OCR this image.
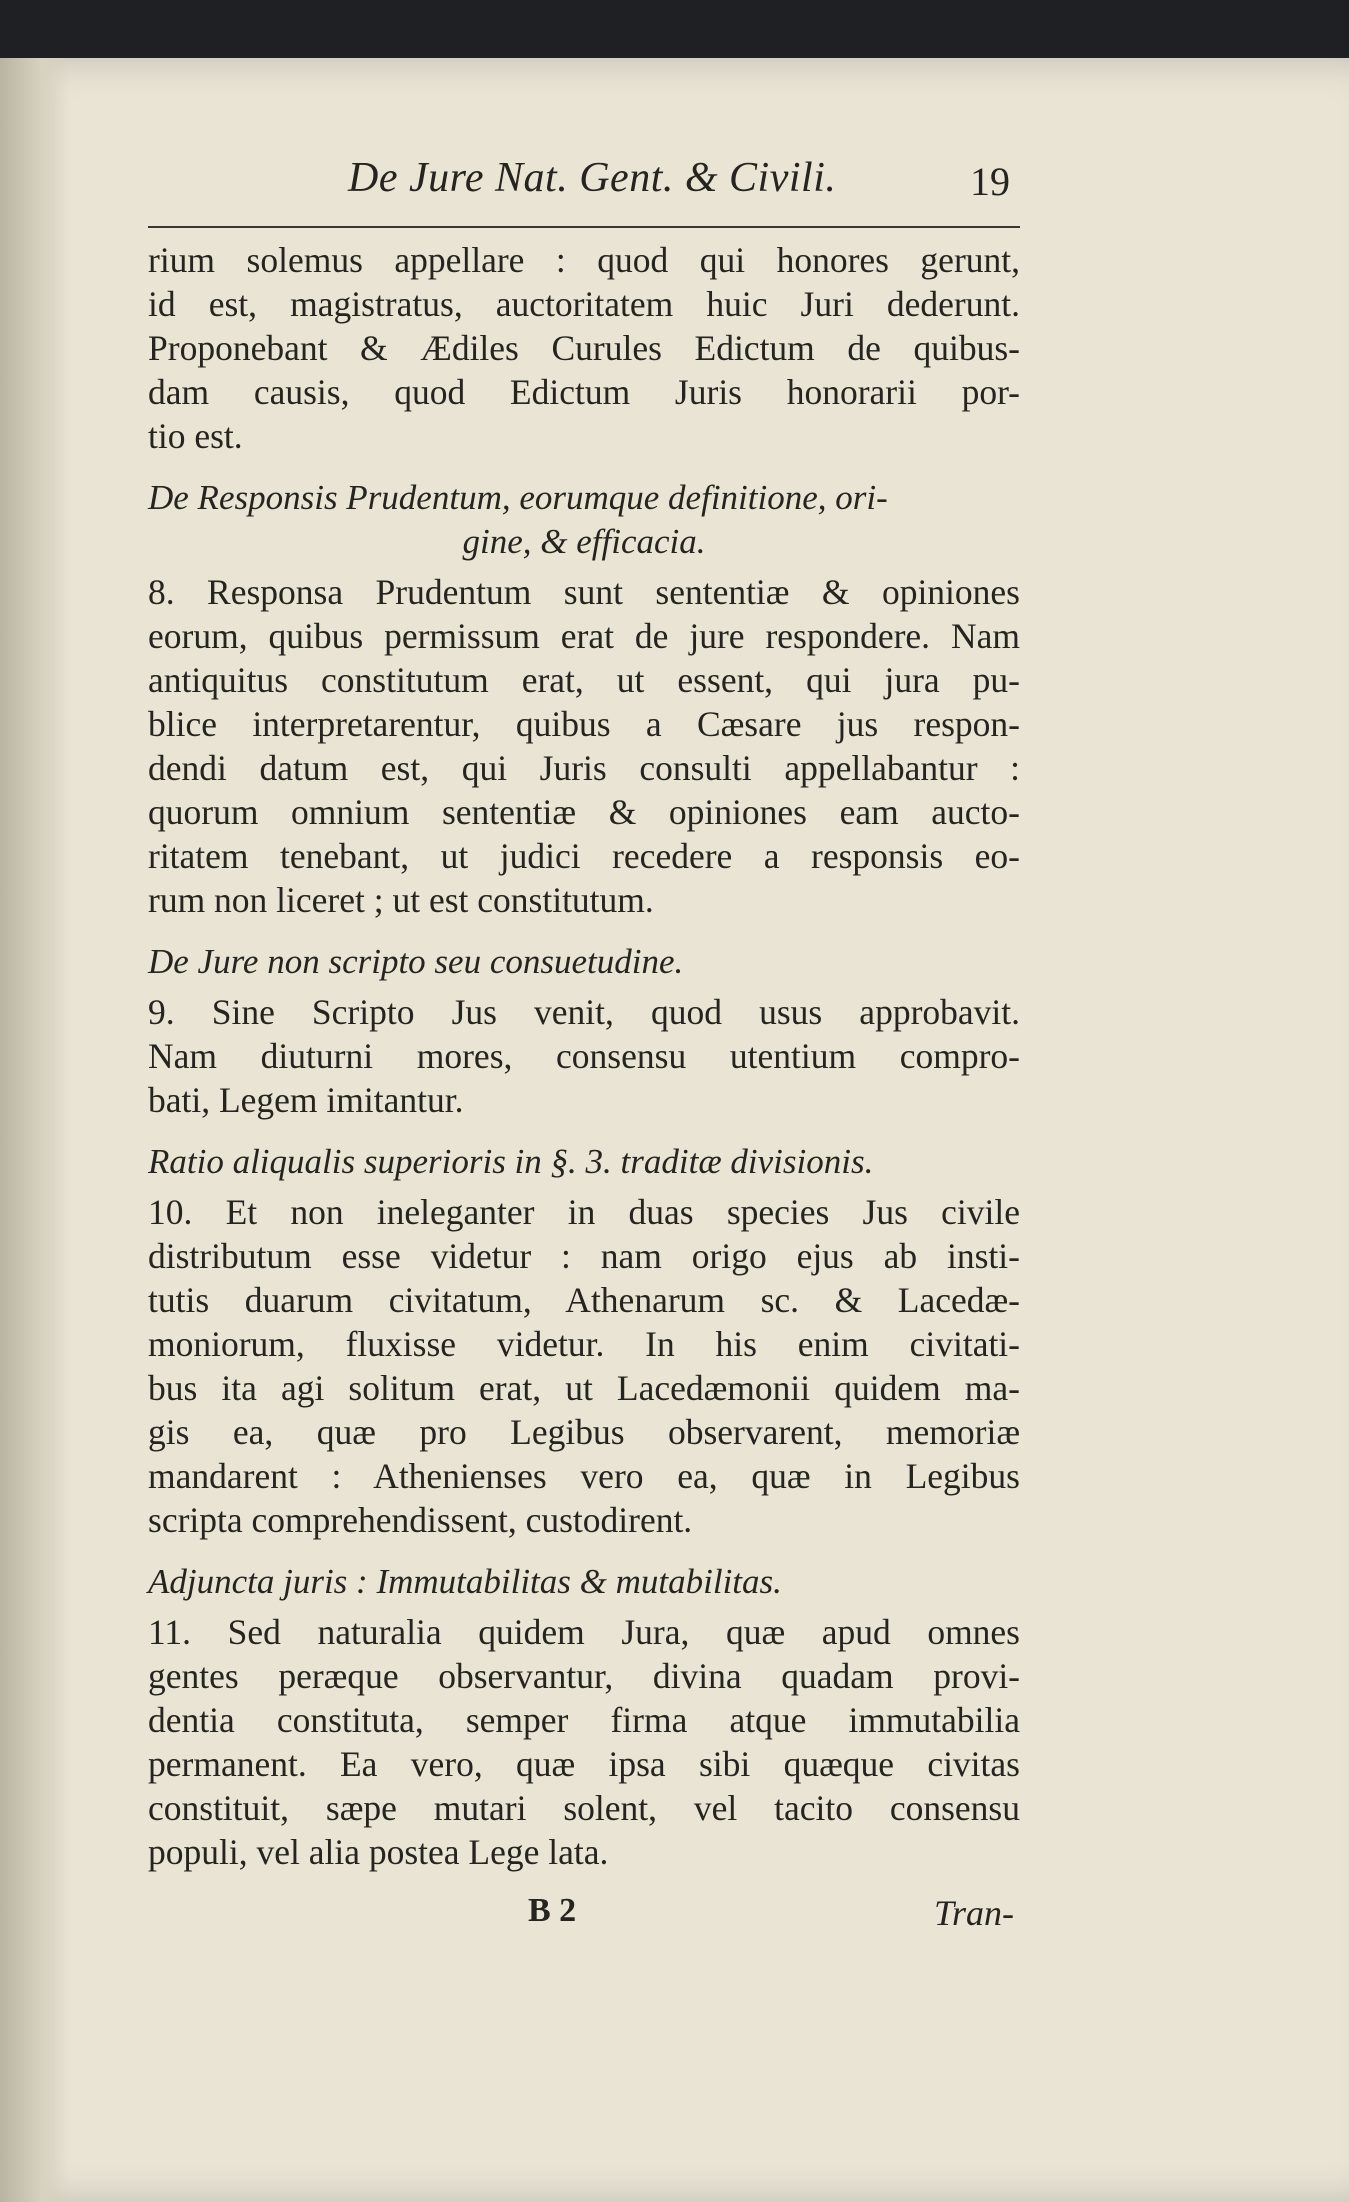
De Jure Nat. Gent. & Civili.	19
rium solemus appellare : quod qui honores gerunt,
id est, magistratus, auctoritatem huic Juri dederunt.
Proponebant & Ædiles Curules Edictum de quibus-
dam causis, quod Edictum Juris honorarii por-
tio est.
De Responsis Prudentum, eorumque definitione, ori-
gine, & efficacia.
8. Responsa Prudentum sunt sententiæ & opiniones
eorum, quibus permissum erat de jure respondere. Nam
antiquitus constitutum erat, ut essent, qui jura pu-
blice interpretarentur, quibus a Cæsare jus respon-
dendi datum est, qui Juris consulti appellabantur :
quorum omnium sententiæ & opiniones eam aucto-
ritatem tenebant, ut judici recedere a responsis eo-
rum non liceret ; ut est constitutum.
De Jure non scripto seu consuetudine.
9. Sine Scripto Jus venit, quod usus approbavit.
Nam diuturni mores, consensu utentium compro-
bati, Legem imitantur.
Ratio aliqualis superioris in §. 3. traditæ divisionis.
10. Et non ineleganter in duas species Jus civile
distributum esse videtur : nam origo ejus ab insti-
tutis duarum civitatum, Athenarum sc. & Lacedæ-
moniorum, fluxisse videtur. In his enim civitati-
bus ita agi solitum erat, ut Lacedæmonii quidem ma-
gis ea, quæ pro Legibus observarent, memoriæ
mandarent : Athenienses vero ea, quæ in Legibus
scripta comprehendissent, custodirent.
Adjuncta juris : Immutabilitas & mutabilitas.
11. Sed naturalia quidem Jura, quæ apud omnes
gentes peræque observantur, divina quadam provi-
dentia constituta, semper firma atque immutabilia
permanent. Ea vero, quæ ipsa sibi quæque civitas
constituit, sæpe mutari solent, vel tacito consensu
populi, vel alia postea Lege lata.
B 2	Tran-
